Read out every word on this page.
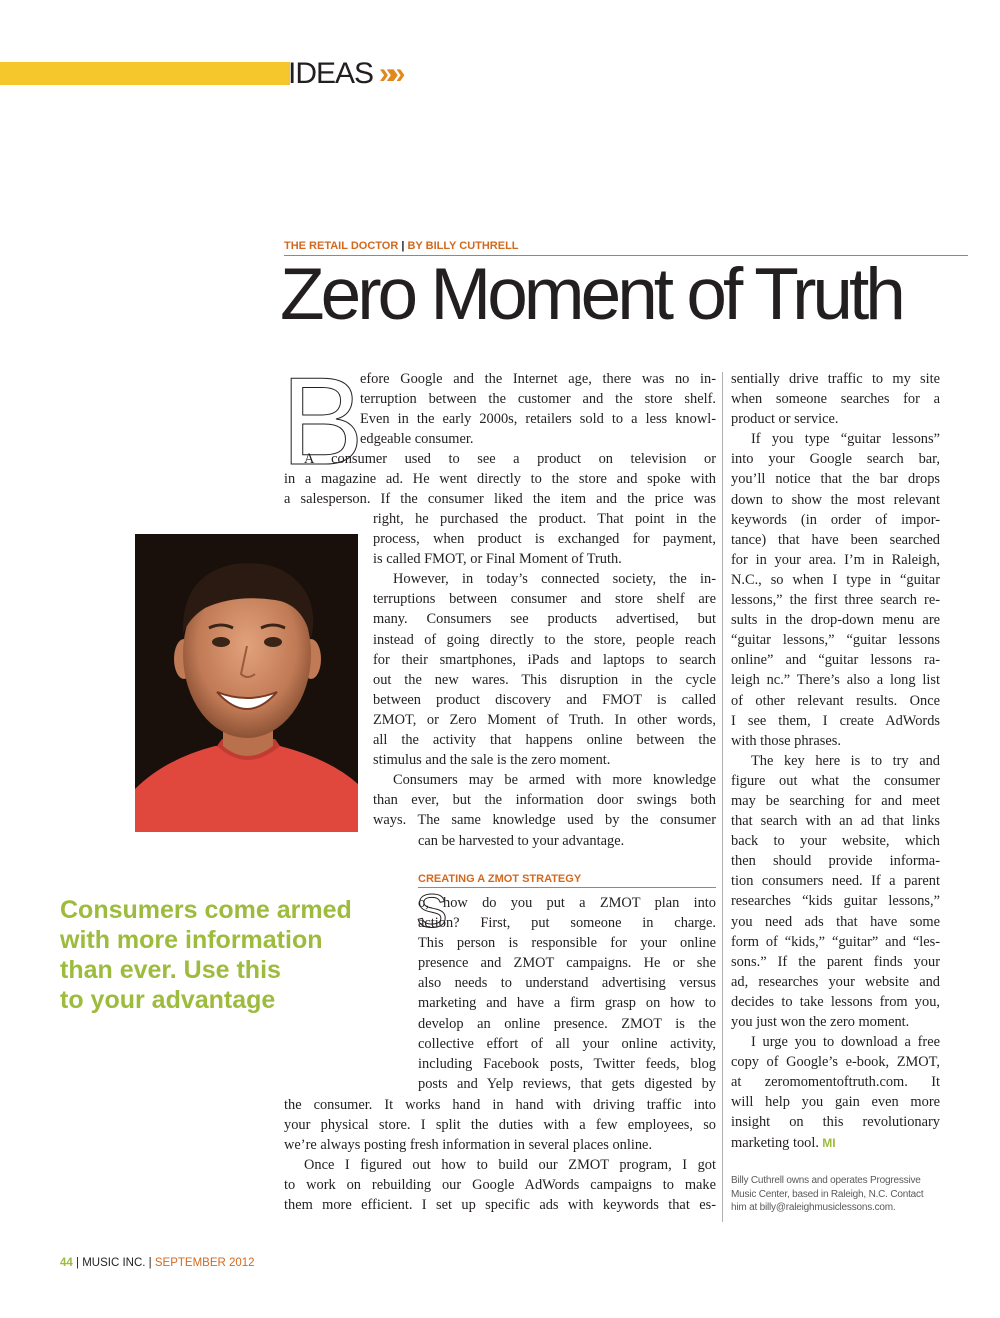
IDEAS »»
THE RETAIL DOCTOR | BY BILLY CUTHRELL
Zero Moment of Truth
B
efore Google and the Internet age, there was no in-
terruption between the customer and the store shelf.
Even in the early 2000s, retailers sold to a less knowl-
edgeable consumer.
A consumer used to see a product on television or
in a magazine ad. He went directly to the store and spoke with
a salesperson. If the consumer liked the item and the price was
right, he purchased the product. That point in the
process, when product is exchanged for payment,
is called FMOT, or Final Moment of Truth.
However, in today’s connected society, the in-
terruptions between consumer and store shelf are
many. Consumers see products advertised, but
instead of going directly to the store, people reach
for their smartphones, iPads and laptops to search
out the new wares. This disruption in the cycle
between product discovery and FMOT is called
ZMOT, or Zero Moment of Truth. In other words,
all the activity that happens online between the
stimulus and the sale is the zero moment.
Consumers may be armed with more knowledge
than ever, but the information door swings both
ways. The same knowledge used by the consumer
can be harvested to your advantage.
CREATING A ZMOT STRATEGY
S
o, how do you put a ZMOT plan into
action? First, put someone in charge.
This person is responsible for your online
presence and ZMOT campaigns. He or she
also needs to understand advertising versus
marketing and have a firm grasp on how to
develop an online presence. ZMOT is the
collective effort of all your online activity,
including Facebook posts, Twitter feeds, blog
posts and Yelp reviews, that gets digested by
the consumer. It works hand in hand with driving traffic into
your physical store. I split the duties with a few employees, so
we’re always posting fresh information in several places online.
Once I figured out how to build our ZMOT program, I got
to work on rebuilding our Google AdWords campaigns to make
them more efficient. I set up specific ads with keywords that es-
Consumers come armed
with more information
than ever. Use this
to your advantage
sentially drive traffic to my site
when someone searches for a
product or service.
If you type “guitar lessons”
into your Google search bar,
you’ll notice that the bar drops
down to show the most relevant
keywords (in order of impor-
tance) that have been searched
for in your area. I’m in Raleigh,
N.C., so when I type in “guitar
lessons,” the first three search re-
sults in the drop-down menu are
“guitar lessons,” “guitar lessons
online” and “guitar lessons ra-
leigh nc.” There’s also a long list
of other relevant results. Once
I see them, I create AdWords
with those phrases.
The key here is to try and
figure out what the consumer
may be searching for and meet
that search with an ad that links
back to your website, which
then should provide informa-
tion consumers need. If a parent
researches “kids guitar lessons,”
you need ads that have some
form of “kids,” “guitar” and “les-
sons.” If the parent finds your
ad, researches your website and
decides to take lessons from you,
you just won the zero moment.
I urge you to download a free
copy of Google’s e-book, ZMOT,
at zeromomentoftruth.com. It
will help you gain even more
insight on this revolutionary
marketing tool. MI
Billy Cuthrell owns and operates Progressive
Music Center, based in Raleigh, N.C. Contact
him at billy@raleighmusiclessons.com.
44 | MUSIC INC. | SEPTEMBER 2012
